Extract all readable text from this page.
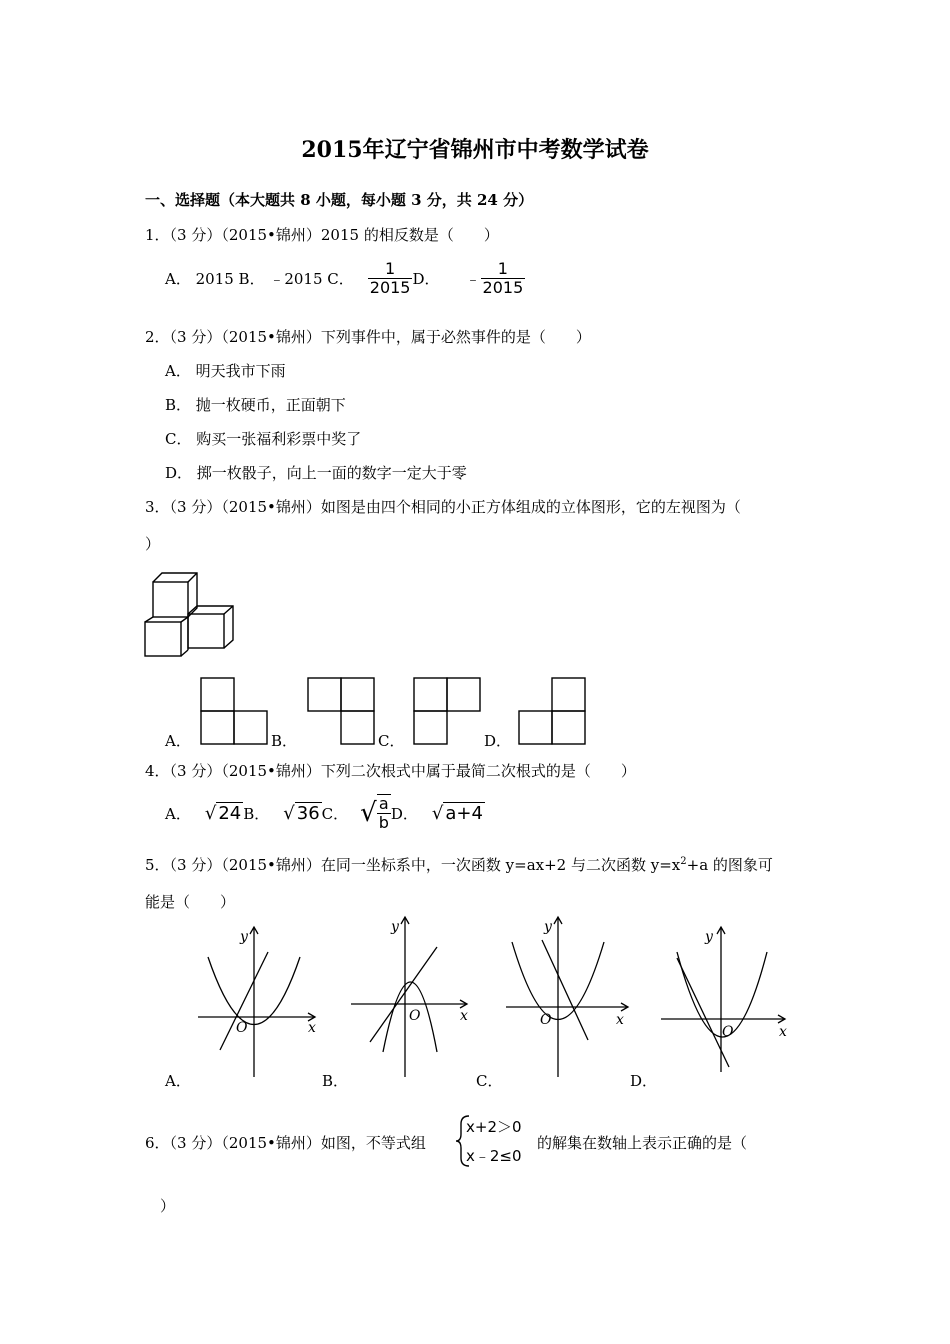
2015年辽宁省锦州市中考数学试卷
一、选择题（本大题共 8 小题，每小题 3 分，共 24 分）
1．（3 分）（2015•锦州）2015 的相反数是（　　）
A． 2015 B． ﹣2015 C． $\frac{1}{2015}$ D． ﹣ $\frac{1}{2015}$
2．（3 分）（2015•锦州）下列事件中，属于必然事件的是（　　）
A． 明天我市下雨
B． 抛一枚硬币，正面朝下
C． 购买一张福利彩票中奖了
D． 掷一枚骰子，向上一面的数字一定大于零
3．（3 分）（2015•锦州）如图是由四个相同的小正方体组成的立体图形，它的左视图为（
）
A．	B．	C．	D．
4．（3 分）（2015•锦州）下列二次根式中属于最简二次根式的是（　　）
A． √ 24 B． √ 36 C． √ $\frac{a}{b}$ D． √ a+4
5．（3 分）（2015•锦州）在同一坐标系中，一次函数 y=ax+2 与二次函数 $y=x^2+a$ 的图象可
能是（　　）
y
x
O
A．
y
x
O
B．
y
x
O
C．
y
x
O
D．
6．（3 分）（2015•锦州）如图，不等式组
x+2＞0
x﹣2≤0
的解集在数轴上表示正确的是（
）
